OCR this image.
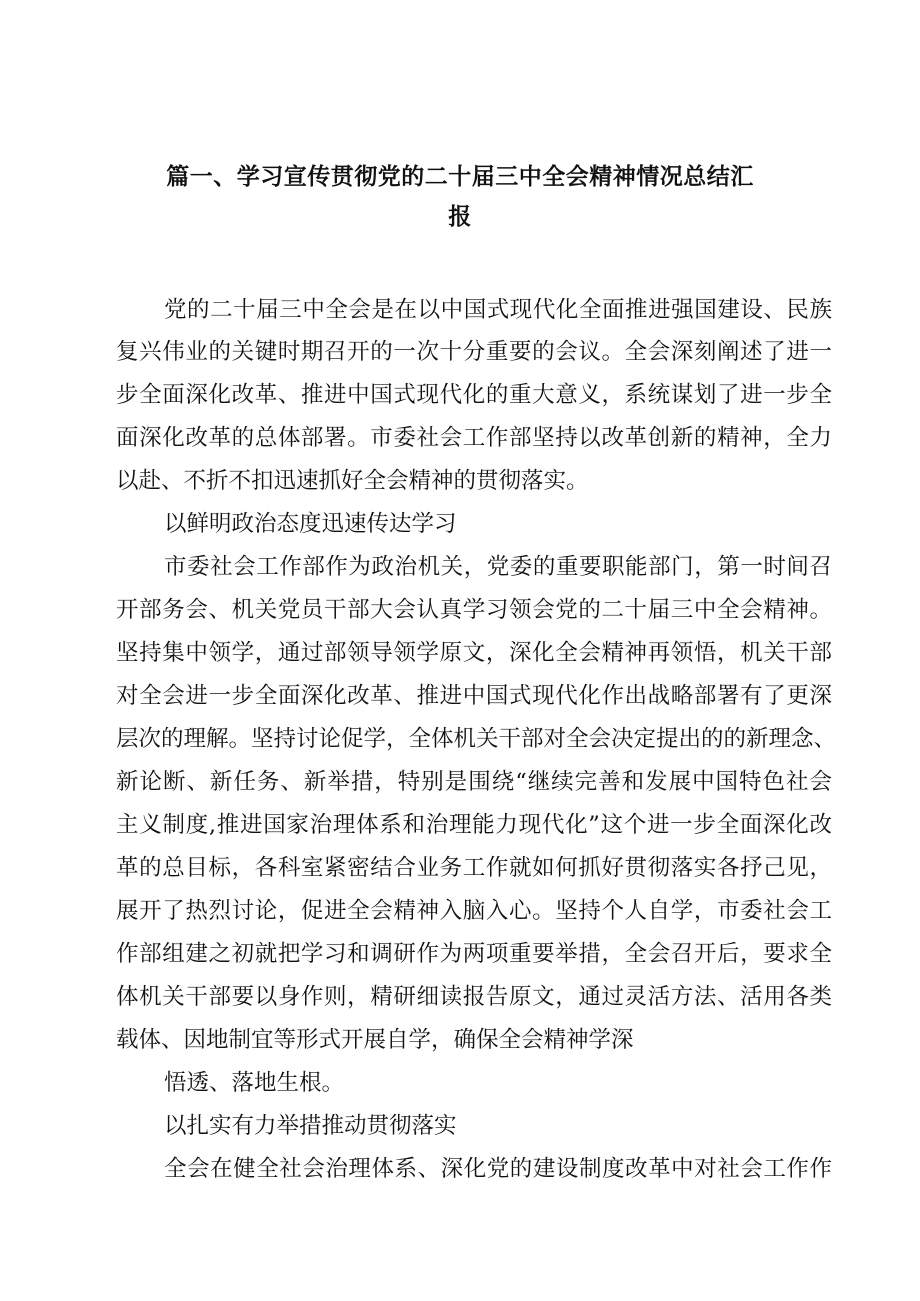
篇一、学习宣传贯彻党的二十届三中全会精神情况总结汇
报
党的二十届三中全会是在以中国式现代化全面推进强国建设、民族
复兴伟业的关键时期召开的一次十分重要的会议。全会深刻阐述了进一
步全面深化改革、推进中国式现代化的重大意义，系统谋划了进一步全
面深化改革的总体部署。市委社会工作部坚持以改革创新的精神，全力
以赴、不折不扣迅速抓好全会精神的贯彻落实。
以鲜明政治态度迅速传达学习
市委社会工作部作为政治机关，党委的重要职能部门，第一时间召
开部务会、机关党员干部大会认真学习领会党的二十届三中全会精神。
坚持集中领学，通过部领导领学原文，深化全会精神再领悟，机关干部
对全会进一步全面深化改革、推进中国式现代化作出战略部署有了更深
层次的理解。坚持讨论促学，全体机关干部对全会决定提出的的新理念、
新论断、新任务、新举措，特别是围绕“继续完善和发展中国特色社会
主义制度,推进国家治理体系和治理能力现代化”这个进一步全面深化改
革的总目标，各科室紧密结合业务工作就如何抓好贯彻落实各抒己见，
展开了热烈讨论，促进全会精神入脑入心。坚持个人自学，市委社会工
作部组建之初就把学习和调研作为两项重要举措，全会召开后，要求全
体机关干部要以身作则，精研细读报告原文，通过灵活方法、活用各类
载体、因地制宜等形式开展自学，确保全会精神学深
悟透、落地生根。
以扎实有力举措推动贯彻落实
全会在健全社会治理体系、深化党的建设制度改革中对社会工作作
